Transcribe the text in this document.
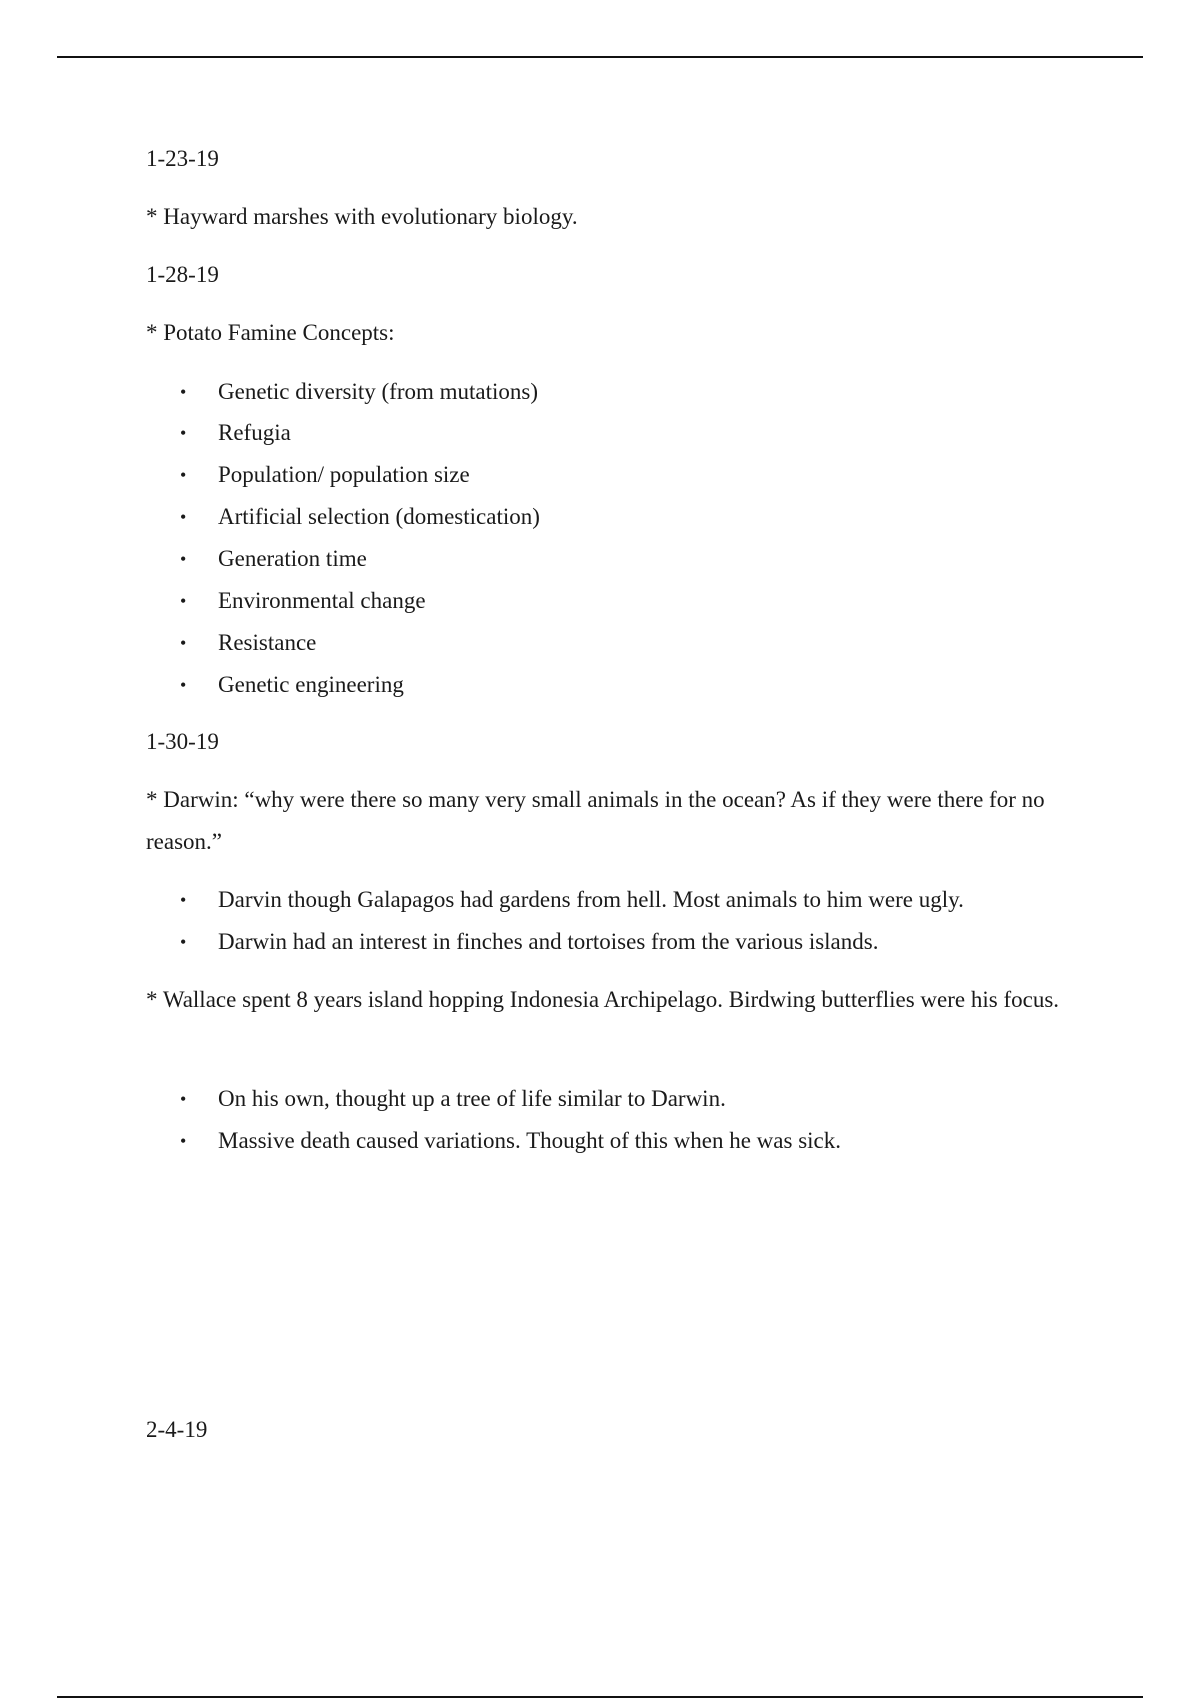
1-23-19
* Hayward marshes with evolutionary biology.
1-28-19
* Potato Famine Concepts:
• Genetic diversity (from mutations)
• Refugia
• Population/ population size
• Artificial selection (domestication)
• Generation time
• Environmental change
• Resistance
• Genetic engineering
1-30-19
* Darwin: “why were there so many very small animals in the ocean? As if they were there for no reason.”
• Darvin though Galapagos had gardens from hell. Most animals to him were ugly.
• Darwin had an interest in finches and tortoises from the various islands.
* Wallace spent 8 years island hopping Indonesia Archipelago. Birdwing butterflies were his focus.
• On his own, thought up a tree of life similar to Darwin.
• Massive death caused variations. Thought of this when he was sick.
2-4-19
